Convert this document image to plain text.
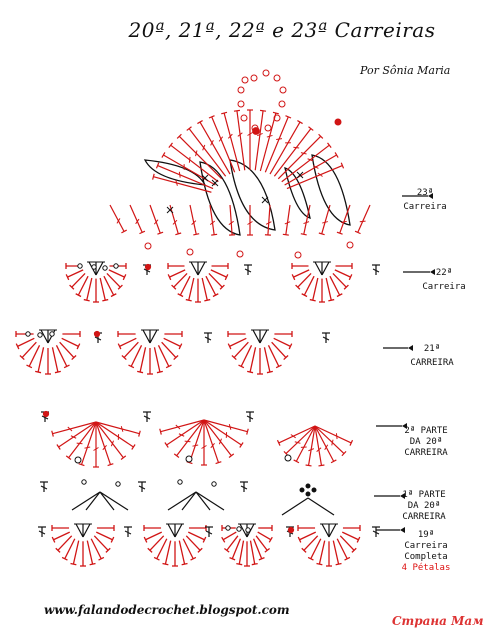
20ª, 21ª, 22ª e 23ª Carreiras
Por Sônia Maria
23ª
Carreira
22ª
Carreira
21ª
CARREIRA
2ª PARTE
DA 20ª
CARREIRA
1ª PARTE
DA 20ª
CARREIRA
19ª
Carreira
Completa
4 Pétalas
www.falandodecrochet.blogspot.com
Страна Мам
